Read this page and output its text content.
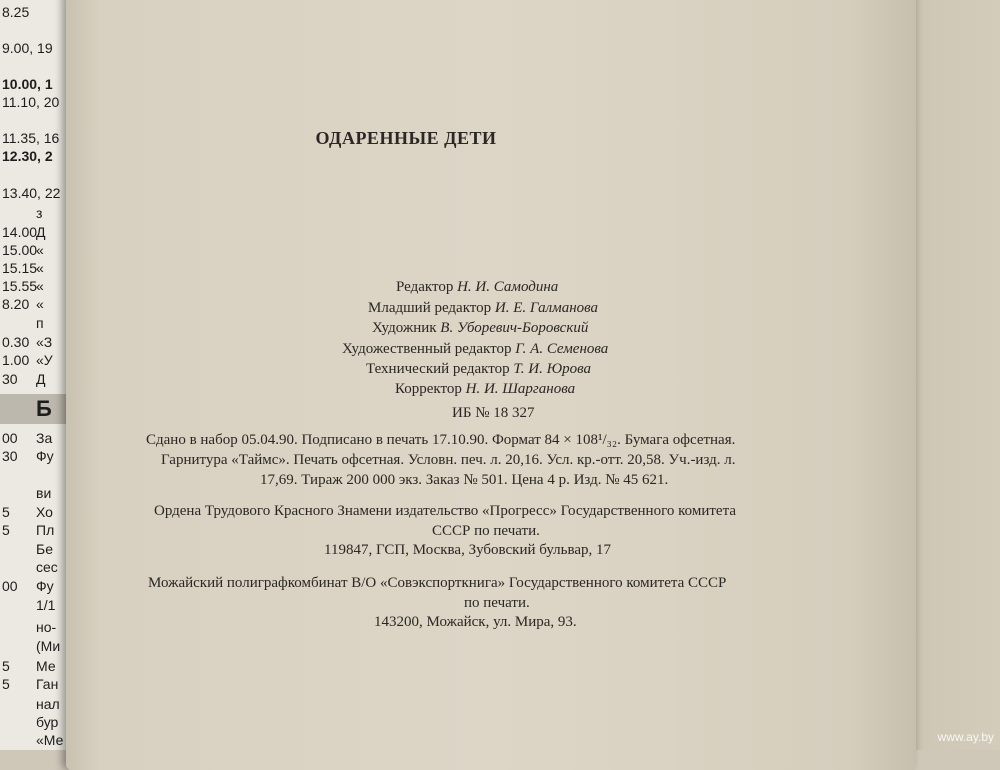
8.25
9.00, 19
10.00, 1
11.10, 20
11.35, 16
12.30, 2
13.40, 22
14.00
15.00
15.15
15.55
8.20
0.30
1.00
30
00
30
5
5
00
5
5
з
Д
«
«
«
«
п
«З
«У
Д
Б
За
Фу
ви
Хо
Пл
Бе
сес
Фу
1/1
но-
(Ми
Ме
Ган
нал
бур
«Ме
ОДАРЕННЫЕ ДЕТИ
Редактор Н. И. Самодина
Младший редактор И. Е. Галманова
Художник В. Уборевич-Боровский
Художественный редактор Г. А. Семенова
Технический редактор Т. И. Юрова
Корректор Н. И. Шарганова
ИБ № 18 327
Сдано в набор 05.04.90. Подписано в печать 17.10.90. Формат 84 × 108¹/₃₂. Бумага офсетная.
Гарнитура «Таймс». Печать офсетная. Условн. печ. л. 20,16. Усл. кр.-отт. 20,58. Уч.-изд. л.
17,69. Тираж 200 000 экз. Заказ № 501. Цена 4 р. Изд. № 45 621.
Ордена Трудового Красного Знамени издательство «Прогресс» Государственного комитета
СССР по печати.
119847, ГСП, Москва, Зубовский бульвар, 17
Можайский полиграфкомбинат В/О «Совэкспорткнига» Государственного комитета СССР
по печати.
143200, Можайск, ул. Мира, 93.
www.ay.by
